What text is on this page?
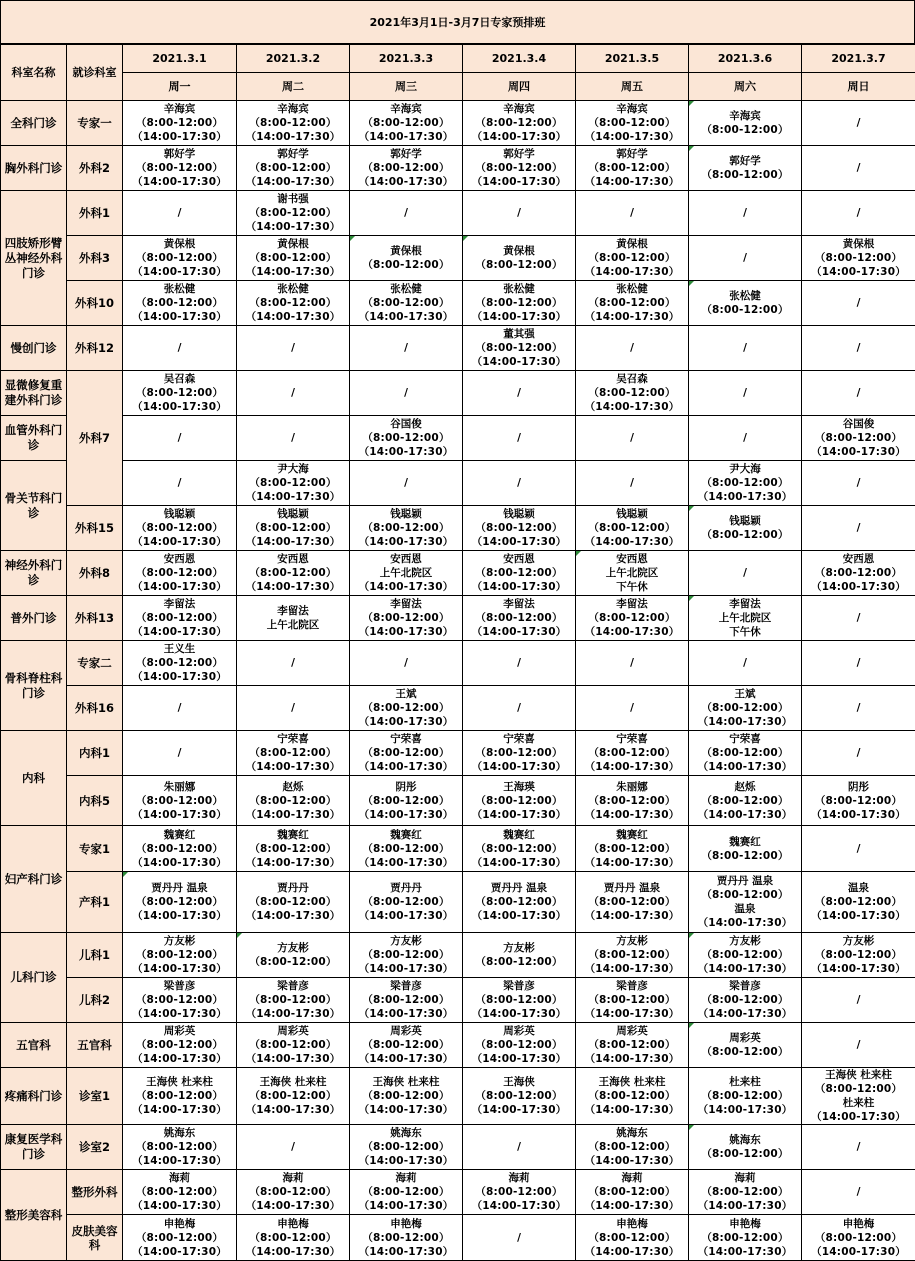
2021年3月1日-3月7日专家预排班
科室名称	就诊科室	2021.3.1	2021.3.2	2021.3.3	2021.3.4	2021.3.5	2021.3.6	2021.3.7
		周一	周二	周三	周四	周五	周六	周日
全科门诊	专家一	辛海宾
（8:00-12:00）
（14:00-17:30）	辛海宾
（8:00-12:00）
（14:00-17:30）	辛海宾
（8:00-12:00）
（14:00-17:30）	辛海宾
（8:00-12:00）
（14:00-17:30）	辛海宾
（8:00-12:00）
（14:00-17:30）	辛海宾
（8:00-12:00）	/

胸外科门诊	外科2	郭好学
（8:00-12:00）
（14:00-17:30）	郭好学
（8:00-12:00）
（14:00-17:30）	郭好学
（8:00-12:00）
（14:00-17:30）	郭好学
（8:00-12:00）
（14:00-17:30）	郭好学
（8:00-12:00）
（14:00-17:30）	郭好学
（8:00-12:00）	/

四肢矫形臂丛神经外科门诊	外科1	/	谢书强
（8:00-12:00）
（14:00-17:30）	/	/	/	/	/

	外科3	黄保根
（8:00-12:00）
（14:00-17:30）	黄保根
（8:00-12:00）
（14:00-17:30）	黄保根
（8:00-12:00）	黄保根
（8:00-12:00）	黄保根
（8:00-12:00）
（14:00-17:30）	/	黄保根
（8:00-12:00）
（14:00-17:30）

	外科10	张松健
（8:00-12:00）
（14:00-17:30）	张松健
（8:00-12:00）
（14:00-17:30）	张松健
（8:00-12:00）
（14:00-17:30）	张松健
（8:00-12:00）
（14:00-17:30）	张松健
（8:00-12:00）
（14:00-17:30）	张松健
（8:00-12:00）	/

慢创门诊	外科12	/	/	/	董其强
（8:00-12:00）
（14:00-17:30）	/	/	/

显微修复重建外科门诊	外科7	吴召森
（8:00-12:00）
（14:00-17:30）	/	/	/	吴召森
（8:00-12:00）
（14:00-17:30）	/	/

血管外科门诊		/	/	谷国俊
（8:00-12:00）
（14:00-17:30）	/	/	/	谷国俊
（8:00-12:00）
（14:00-17:30）

骨关节科门诊		/	尹大海
（8:00-12:00）
（14:00-17:30）	/	/	/	尹大海
（8:00-12:00）
（14:00-17:30）	/

	外科15	钱聪颖
（8:00-12:00）
（14:00-17:30）	钱聪颖
（8:00-12:00）
（14:00-17:30）	钱聪颖
（8:00-12:00）
（14:00-17:30）	钱聪颖
（8:00-12:00）
（14:00-17:30）	钱聪颖
（8:00-12:00）
（14:00-17:30）	钱聪颖
（8:00-12:00）	/

神经外科门诊	外科8	安西恩
（8:00-12:00）
（14:00-17:30）	安西恩
（8:00-12:00）
（14:00-17:30）	安西恩
上午北院区
（14:00-17:30）	安西恩
（8:00-12:00）
（14:00-17:30）	安西恩
上午北院区
下午休	/	安西恩
（8:00-12:00）
（14:00-17:30）

普外门诊	外科13	李留法
（8:00-12:00）
（14:00-17:30）	李留法
上午北院区	李留法
（8:00-12:00）
（14:00-17:30）	李留法
（8:00-12:00）
（14:00-17:30）	李留法
（8:00-12:00）
（14:00-17:30）	李留法
上午北院区
下午休	/

骨科脊柱科门诊	专家二	王义生
（8:00-12:00）
（14:00-17:30）	/	/	/	/	/	/

	外科16	/	/	王斌
（8:00-12:00）
（14:00-17:30）	/	/	王斌
（8:00-12:00）
（14:00-17:30）	/

内科	内科1	/	宁荣喜
（8:00-12:00）
（14:00-17:30）	宁荣喜
（8:00-12:00）
（14:00-17:30）	宁荣喜
（8:00-12:00）
（14:00-17:30）	宁荣喜
（8:00-12:00）
（14:00-17:30）	宁荣喜
（8:00-12:00）
（14:00-17:30）	/

	内科5	朱丽娜
（8:00-12:00）
（14:00-17:30）	赵烁
（8:00-12:00）
（14:00-17:30）	阴彤
（8:00-12:00）
（14:00-17:30）	王海瑛
（8:00-12:00）
（14:00-17:30）	朱丽娜
（8:00-12:00）
（14:00-17:30）	赵烁
（8:00-12:00）
（14:00-17:30）	阴彤
（8:00-12:00）
（14:00-17:30）

妇产科门诊	专家1	魏赛红
（8:00-12:00）
（14:00-17:30）	魏赛红
（8:00-12:00）
（14:00-17:30）	魏赛红
（8:00-12:00）
（14:00-17:30）	魏赛红
（8:00-12:00）
（14:00-17:30）	魏赛红
（8:00-12:00）
（14:00-17:30）	魏赛红
（8:00-12:00）	/

	产科1	贾丹丹 温泉
（8:00-12:00）
（14:00-17:30）	贾丹丹
（8:00-12:00）
（14:00-17:30）	贾丹丹
（8:00-12:00）
（14:00-17:30）	贾丹丹 温泉
（8:00-12:00）
（14:00-17:30）	贾丹丹 温泉
（8:00-12:00）
（14:00-17:30）	贾丹丹 温泉
（8:00-12:00）
温泉
（14:00-17:30）	温泉
（8:00-12:00）
（14:00-17:30）

儿科门诊	儿科1	方友彬
（8:00-12:00）
（14:00-17:30）	方友彬
（8:00-12:00）	方友彬
（8:00-12:00）
（14:00-17:30）	方友彬
（8:00-12:00）	方友彬
（8:00-12:00）
（14:00-17:30）	方友彬
（8:00-12:00）
（14:00-17:30）	方友彬
（8:00-12:00）
（14:00-17:30）

	儿科2	梁普彦
（8:00-12:00）
（14:00-17:30）	梁普彦
（8:00-12:00）
（14:00-17:30）	梁普彦
（8:00-12:00）
（14:00-17:30）	梁普彦
（8:00-12:00）
（14:00-17:30）	梁普彦
（8:00-12:00）
（14:00-17:30）	梁普彦
（8:00-12:00）
（14:00-17:30）	/

五官科	五官科	周彩英
（8:00-12:00）
（14:00-17:30）	周彩英
（8:00-12:00）
（14:00-17:30）	周彩英
（8:00-12:00）
（14:00-17:30）	周彩英
（8:00-12:00）
（14:00-17:30）	周彩英
（8:00-12:00）
（14:00-17:30）	周彩英
（8:00-12:00）	/

疼痛科门诊	诊室1	王海侠 杜来柱
（8:00-12:00）
（14:00-17:30）	王海侠 杜来柱
（8:00-12:00）
（14:00-17:30）	王海侠 杜来柱
（8:00-12:00）
（14:00-17:30）	王海侠
（8:00-12:00）
（14:00-17:30）	王海侠 杜来柱
（8:00-12:00）
（14:00-17:30）	杜来柱
（8:00-12:00）
（14:00-17:30）	王海侠 杜来柱
（8:00-12:00）
杜来柱
（14:00-17:30）

康复医学科门诊	诊室2	姚海东
（8:00-12:00）
（14:00-17:30）	/	姚海东
（8:00-12:00）
（14:00-17:30）	/	姚海东
（8:00-12:00）
（14:00-17:30）	姚海东
（8:00-12:00）	/

整形美容科	整形外科	海莉
（8:00-12:00）
（14:00-17:30）	海莉
（8:00-12:00）
（14:00-17:30）	海莉
（8:00-12:00）
（14:00-17:30）	海莉
（8:00-12:00）
（14:00-17:30）	海莉
（8:00-12:00）
（14:00-17:30）	海莉
（8:00-12:00）
（14:00-17:30）	/

	皮肤美容科	申艳梅
（8:00-12:00）
（14:00-17:30）	申艳梅
（8:00-12:00）
（14:00-17:30）	申艳梅
（8:00-12:00）
（14:00-17:30）	/	申艳梅
（8:00-12:00）
（14:00-17:30）	申艳梅
（8:00-12:00）
（14:00-17:30）	申艳梅
（8:00-12:00）
（14:00-17:30）
